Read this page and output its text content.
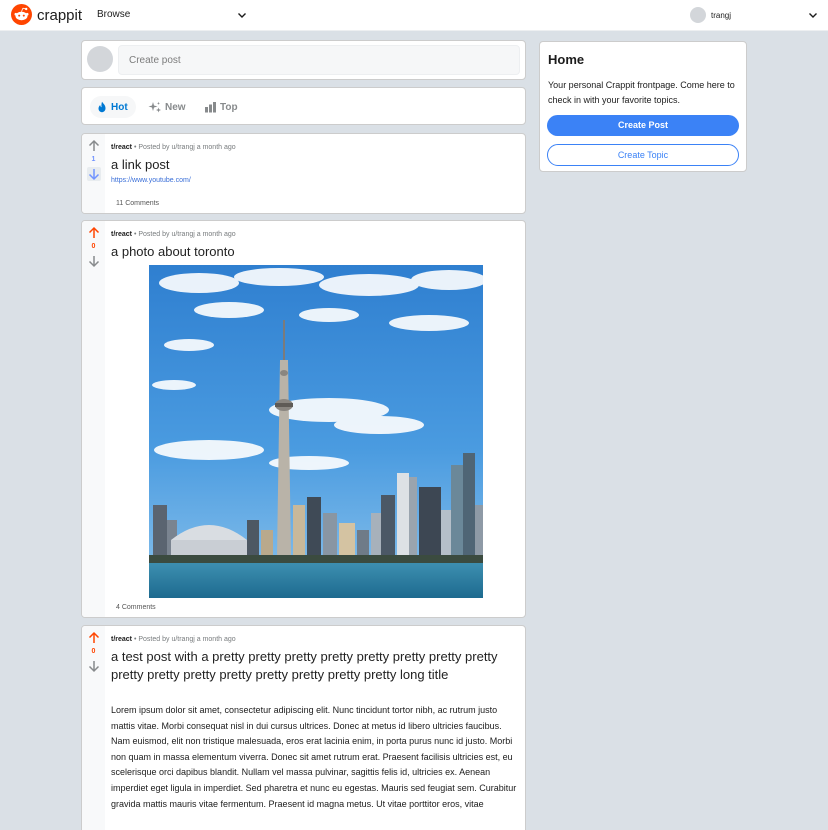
crappit Browse	trangj
Create post
Hot	New	Top
1
t/react • Posted by u/trangj a month ago
a link post
https://www.youtube.com/
11 Comments
0
t/react • Posted by u/trangj a month ago
a photo about toronto
4 Comments
0
t/react • Posted by u/trangj a month ago
a test post with a pretty pretty pretty pretty pretty pretty pretty pretty pretty pretty pretty pretty pretty pretty pretty pretty long title
Lorem ipsum dolor sit amet, consectetur adipiscing elit. Nunc tincidunt tortor nibh, ac rutrum justo mattis vitae. Morbi consequat nisl in dui cursus ultrices. Donec at metus id libero ultricies faucibus. Nam euismod, elit non tristique malesuada, eros erat lacinia enim, in porta purus nunc id justo. Morbi non quam in massa elementum viverra. Donec sit amet rutrum erat. Praesent facilisis ultricies est, eu scelerisque orci dapibus blandit. Nullam vel massa pulvinar, sagittis felis id, ultricies ex. Aenean imperdiet eget ligula in imperdiet. Sed pharetra et nunc eu egestas. Mauris sed feugiat sem. Curabitur gravida mattis mauris vitae fermentum. Praesent id magna metus. Ut vitae porttitor eros, vitae
Home
Your personal Crappit frontpage. Come here to check in with your favorite topics.
Create Post
Create Topic
